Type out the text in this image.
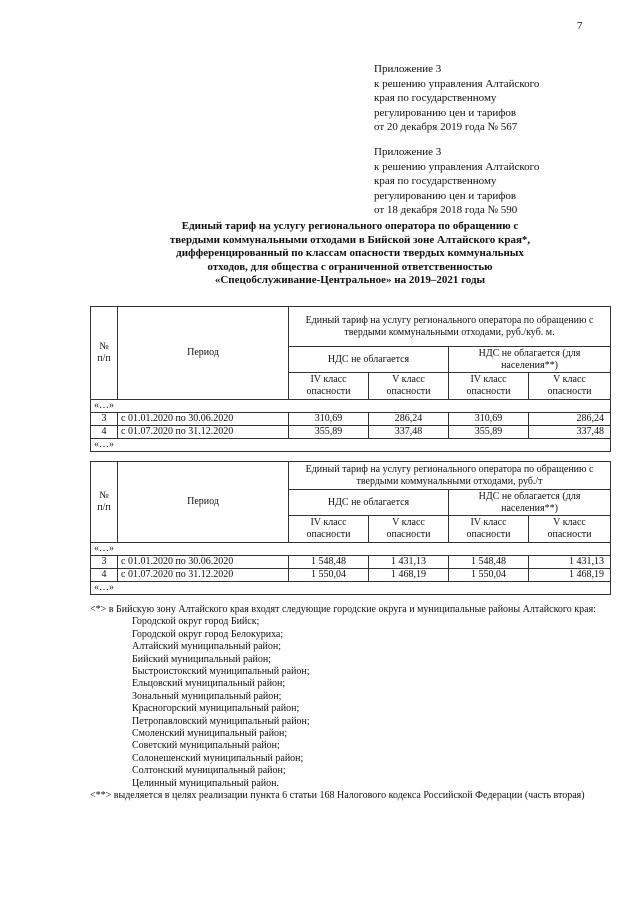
7
Приложение 3
к решению управления Алтайского
края по государственному
регулированию цен и тарифов
от 20 декабря 2019 года № 567
Приложение 3
к решению управления Алтайского
края по государственному
регулированию цен и тарифов
от 18 декабря 2018 года № 590
Единый тариф на услугу регионального оператора по обращению с
твердыми коммунальными отходами в Бийской зоне Алтайского края*,
дифференцированный по классам опасности твердых коммунальных
отходов, для общества с ограниченной ответственностью
«Спецобслуживание-Центральное» на 2019–2021 годы
№ п/п	Период	Единый тариф на услугу регионального оператора по обращению с твердыми коммунальными отходами, руб./куб. м.			
		НДС не облагается		НДС не облагается (для населения**)	
		IV класс опасности	V класс опасности	IV класс опасности	V класс опасности
«…»					
3	с 01.01.2020 по 30.06.2020	310,69	286,24	310,69	286,24
4	с 01.07.2020 по 31.12.2020	355,89	337,48	355,89	337,48
«…»					
№ п/п	Период	Единый тариф на услугу регионального оператора по обращению с твердыми коммунальными отходами, руб./т			
		НДС не облагается		НДС не облагается (для населения**)	
		IV класс опасности	V класс опасности	IV класс опасности	V класс опасности
«…»					
3	с 01.01.2020 по 30.06.2020	1 548,48	1 431,13	1 548,48	1 431,13
4	с 01.07.2020 по 31.12.2020	1 550,04	1 468,19	1 550,04	1 468,19
«…»					
<*> в Бийскую зону Алтайского края входят следующие городские округа и муниципальные районы Алтайского края:
Городской округ город Бийск;
Городской округ город Белокуриха;
Алтайский муниципальный район;
Бийский муниципальный район;
Быстроистокский муниципальный район;
Ельцовский муниципальный район;
Зональный муниципальный район;
Красногорский муниципальный район;
Петропавловский муниципальный район;
Смоленский муниципальный район;
Советский муниципальный район;
Солонешенский муниципальный район;
Солтонский муниципальный район;
Целинный муниципальный район.
<**> выделяется в целях реализации пункта 6 статьи 168 Налогового кодекса Российской Федерации (часть вторая)
